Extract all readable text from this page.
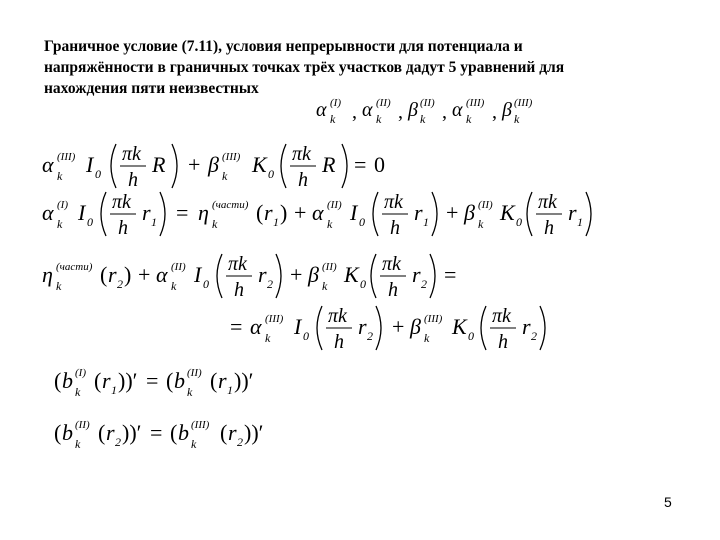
Граничное условие (7.11), условия непрерывности для потенциала и
напряжённости в граничных точках трёх участков дадут 5 уравнений для
нахождения пяти неизвестных
α (I)
k , α (II)
k , β (II)
k , α (III)
k , β (III)
k
α (III)
k I 0
πk
h
R + β (III)
k K 0
πk
h
R = 0
α (I)
k I 0
πk
h
r 1 = η (части)
k ( r 1 ) + α (II)
k I 0
πk
h
r 1 + β (II)
k K 0
πk
h
r 1
η (части)
k ( r 2 ) + α (II)
k I 0
πk
h
r 2 + β (II)
k K 0
πk
h
r 2 =
= α (III)
k I 0
πk
h
r 2 + β (III)
k K 0
πk
h
r 2
( b (I)
k ( r 1 ))′ = ( b (II)
k ( r 1 ))′
( b (II)
k ( r 2 ))′ = ( b (III)
k ( r 2 ))′
5
